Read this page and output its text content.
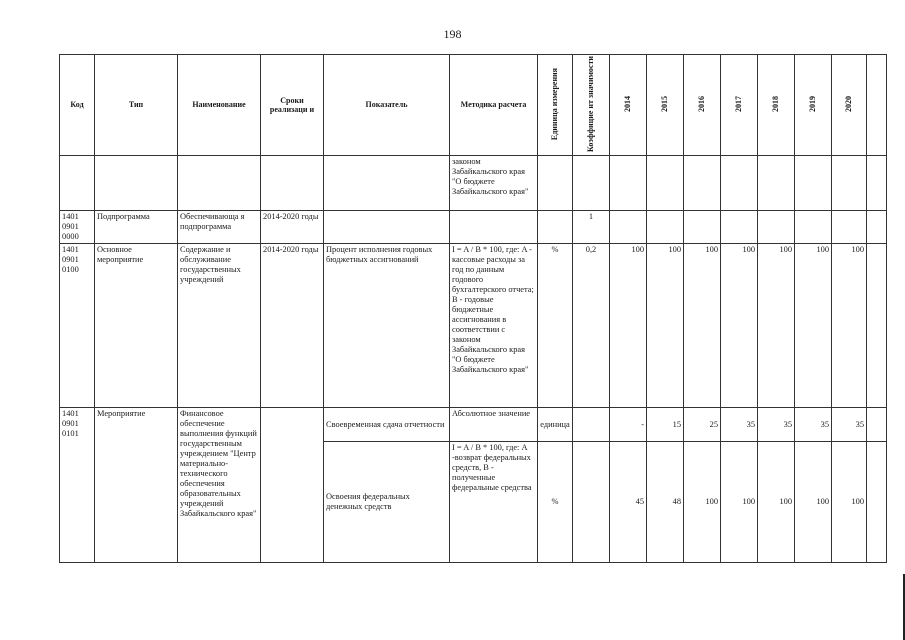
198
Код	Тип	Наименование	Сроки реализаци и	Показатель	Методика расчета	Единица измерения	Коэффицие нт значимости	2014	2015	2016	2017	2018	2019	2020	
					законом Забайкальского края "О бюджете Забайкальского края"										
1401 0901 0000	Подпрограмма	Обеспечивающа я подпрограмма	2014-2020 годы				1								
1401 0901 0100	Основное мероприятие	Содержание и обслуживание государственных учреждений	2014-2020 годы	Процент исполнения годовых бюджетных ассигнований	I = A / B * 100, где: A - кассовые расходы за год по данным годового бухгалтерского отчета; B - годовые бюджетные ассигнования в соответствии с законом Забайкальского края "О бюджете Забайкальского края"	%	0,2	100	100	100	100	100	100	100	
1401 0901 0101	Мероприятие	Финансовое обеспечение выполнения функций государственным учреждением "Центр материально-технического обеспечения образовательных учреждений Забайкальского края"		Своевременная сдача отчетности	Абсолютное значение	единица		-	15	25	35	35	35	35	
				Освоения федеральных денежных средств	I = A / B * 100, где: A -возврат федеральных средств, B - полученные федеральные средства	%		45	48	100	100	100	100	100	
